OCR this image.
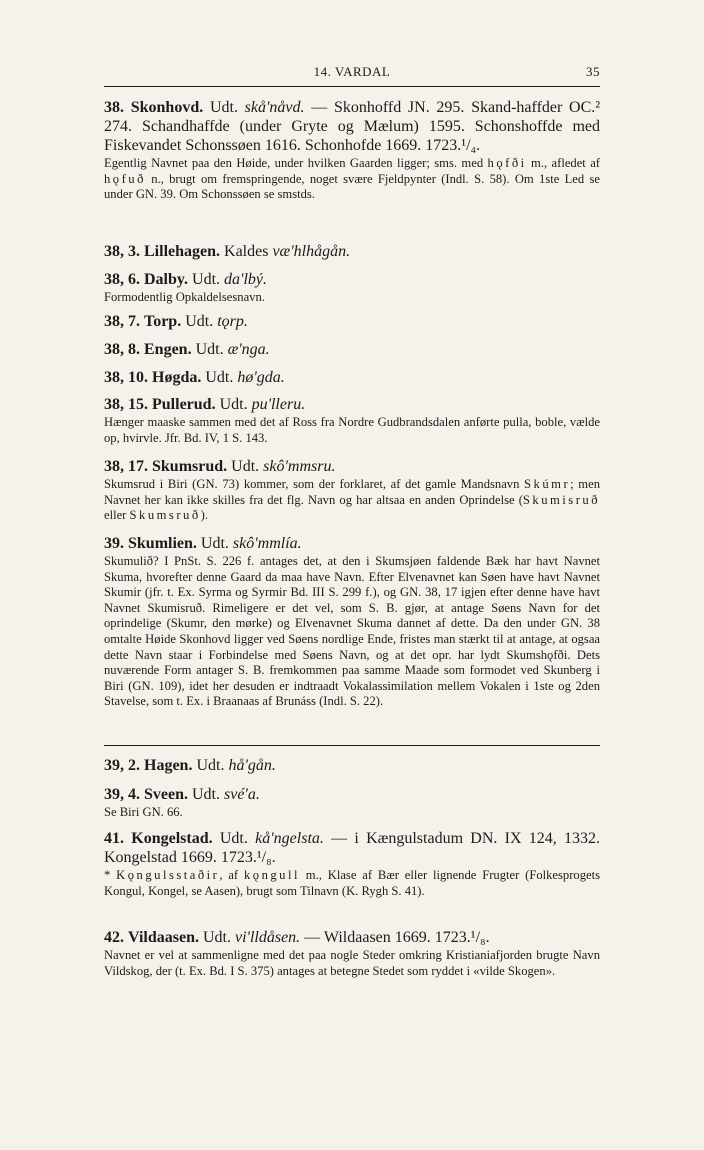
14. VARDAL	35
38. Skonhovd. Udt. skå'nåvd. — Skonhoffd JN. 295. Skand-haffder OC.² 274. Schandhaffde (under Gryte og Mælum) 1595. Schonshoffde med Fiskevandet Schonssøen 1616. Schonhofde 1669. 1723.¹/₄.
Egentlig Navnet paa den Høide, under hvilken Gaarden ligger; sms. med hǫfði m., afledet af hǫfuð n., brugt om fremspringende, noget svære Fjeldpynter (Indl. S. 58). Om 1ste Led se under GN. 39. Om Schonssøen se smstds.
38, 3. Lillehagen. Kaldes væ'hlhågån.
38, 6. Dalby. Udt. da'lbý.
Formodentlig Opkaldelsesnavn.
38, 7. Torp. Udt. tǫrp.
38, 8. Engen. Udt. æ'nga.
38, 10. Høgda. Udt. hø'gda.
38, 15. Pullerud. Udt. pu'lleru.
Hænger maaske sammen med det af Ross fra Nordre Gudbrandsdalen anførte pulla, boble, vælde op, hvirvle. Jfr. Bd. IV, 1 S. 143.
38, 17. Skumsrud. Udt. skô'mmsru.
Skumsrud i Biri (GN. 73) kommer, som der forklaret, af det gamle Mandsnavn Skúmr; men Navnet her kan ikke skilles fra det flg. Navn og har altsaa en anden Oprindelse (Skumisruð eller Skumsruð).
39. Skumlien. Udt. skô'mmlía.
Skumulið? I PnSt. S. 226 f. antages det, at den i Skumsjøen faldende Bæk har havt Navnet Skuma, hvorefter denne Gaard da maa have Navn. Efter Elvenavnet kan Søen have havt Navnet Skumir (jfr. t. Ex. Syrma og Syrmir Bd. III S. 299 f.), og GN. 38, 17 igjen efter denne have havt Navnet Skumisruð. Rimeligere er det vel, som S. B. gjør, at antage Søens Navn for det oprindelige (Skumr, den mørke) og Elvenavnet Skuma dannet af dette. Da den under GN. 38 omtalte Høide Skonhovd ligger ved Søens nordlige Ende, fristes man stærkt til at antage, at ogsaa dette Navn staar i Forbindelse med Søens Navn, og at det opr. har lydt Skumshǫfði. Dets nuværende Form antager S. B. fremkommen paa samme Maade som formodet ved Skunberg i Biri (GN. 109), idet her desuden er indtraadt Vokalassimilation mellem Vokalen i 1ste og 2den Stavelse, som t. Ex. i Braanaas af Brunáss (Indl. S. 22).
39, 2. Hagen. Udt. hå'gån.
39, 4. Sveen. Udt. své'a.
Se Biri GN. 66.
41. Kongelstad. Udt. kå'ngelsta. — i Kængulstadum DN. IX 124, 1332. Kongelstad 1669. 1723.¹/₈.
* Kǫngulsstaðir, af kǫngull m., Klase af Bær eller lignende Frugter (Folkesprogets Kongul, Kongel, se Aasen), brugt som Tilnavn (K. Rygh S. 41).
42. Vildaasen. Udt. vi'lldåsen. — Wildaasen 1669. 1723.¹/₈.
Navnet er vel at sammenligne med det paa nogle Steder omkring Kristianiafjorden brugte Navn Vildskog, der (t. Ex. Bd. I S. 375) antages at betegne Stedet som ryddet i «vilde Skogen».
